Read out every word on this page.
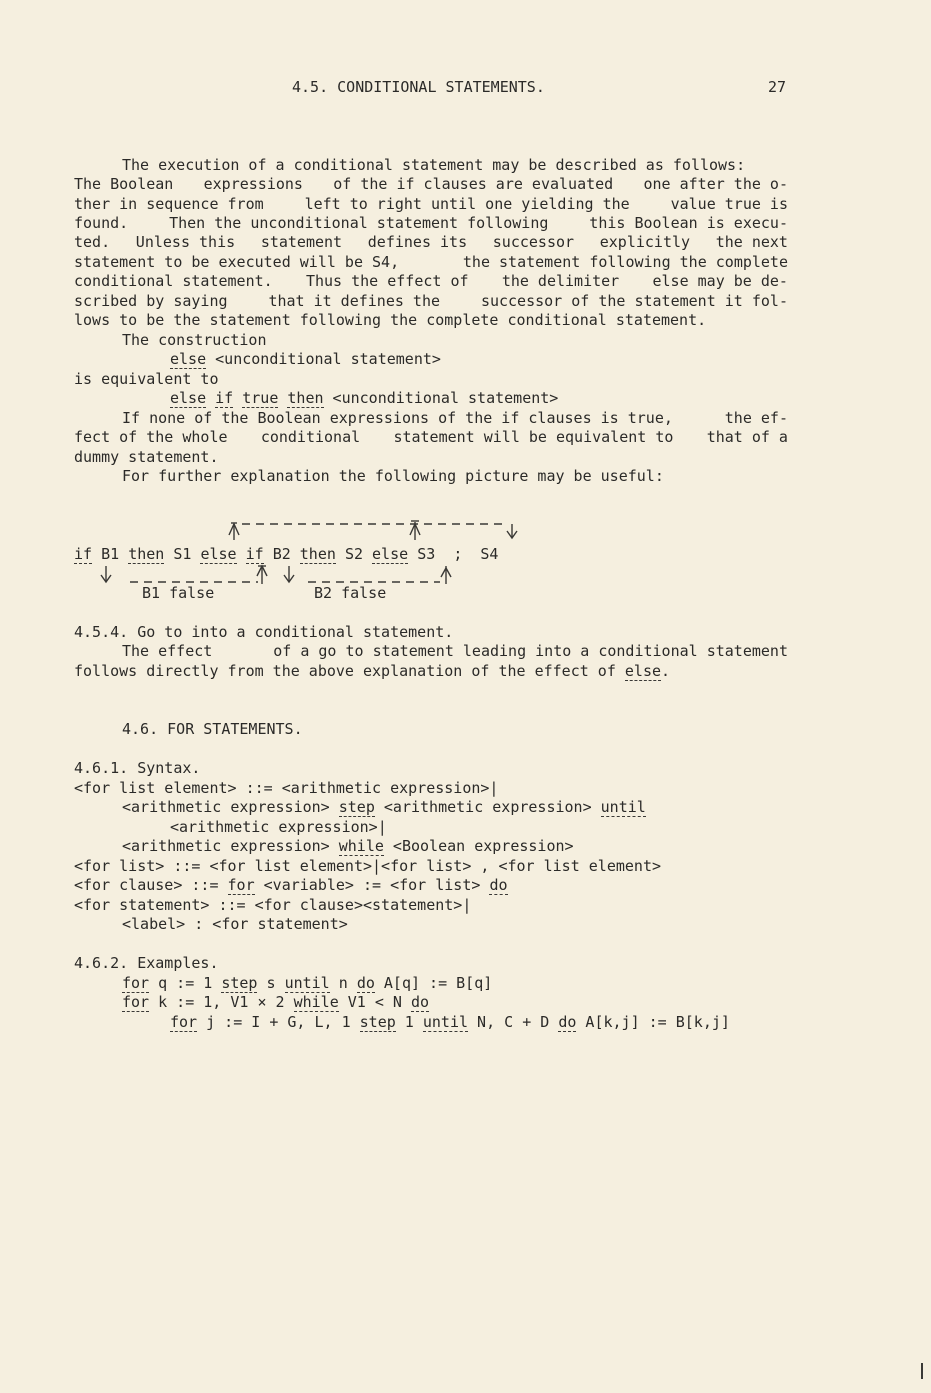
4.5. CONDITIONAL STATEMENTS.	27
The execution of a conditional statement may be described as follows:
The Boolean expressions of the if clauses are evaluated one after the o-
ther in sequence from	left to right until one yielding the	value true is
found.	Then the unconditional statement following	this Boolean is execu-
ted. Unless this statement defines its successor explicitly the next
statement to be executed will be S4,	the statement following the complete
conditional statement. Thus the effect of the delimiter else may be de-
scribed by saying	that it defines the	successor of the statement it fol-
lows to be the statement following the complete conditional statement.
The construction
else <unconditional statement>
is equivalent to
else if true then <unconditional statement>
If none of the Boolean expressions of the if clauses is true,	the ef-
fect of the whole conditional statement will be equivalent to that of a
dummy statement.
For further explanation the following picture may be useful:
if B1 then S1 else if B2 then S2 else S3 ; S4
B1 false	B2 false
4.5.4. Go to into a conditional statement.
The effect	of a go to statement leading into a conditional statement
follows directly from the above explanation of the effect of else.
4.6. FOR STATEMENTS.
4.6.1. Syntax.
<for list element> ::= <arithmetic expression>|
<arithmetic expression> step <arithmetic expression> until
<arithmetic expression>|
<arithmetic expression> while <Boolean expression>
<for list> ::= <for list element>|<for list> , <for list element>
<for clause> ::= for <variable> := <for list> do
<for statement> ::= <for clause><statement>|
<label> : <for statement>
4.6.2. Examples.
for q := 1 step s until n do A[q] := B[q]
for k := 1, V1 × 2 while V1 < N do
for j := I + G, L, 1 step 1 until N, C + D do A[k,j] := B[k,j]
